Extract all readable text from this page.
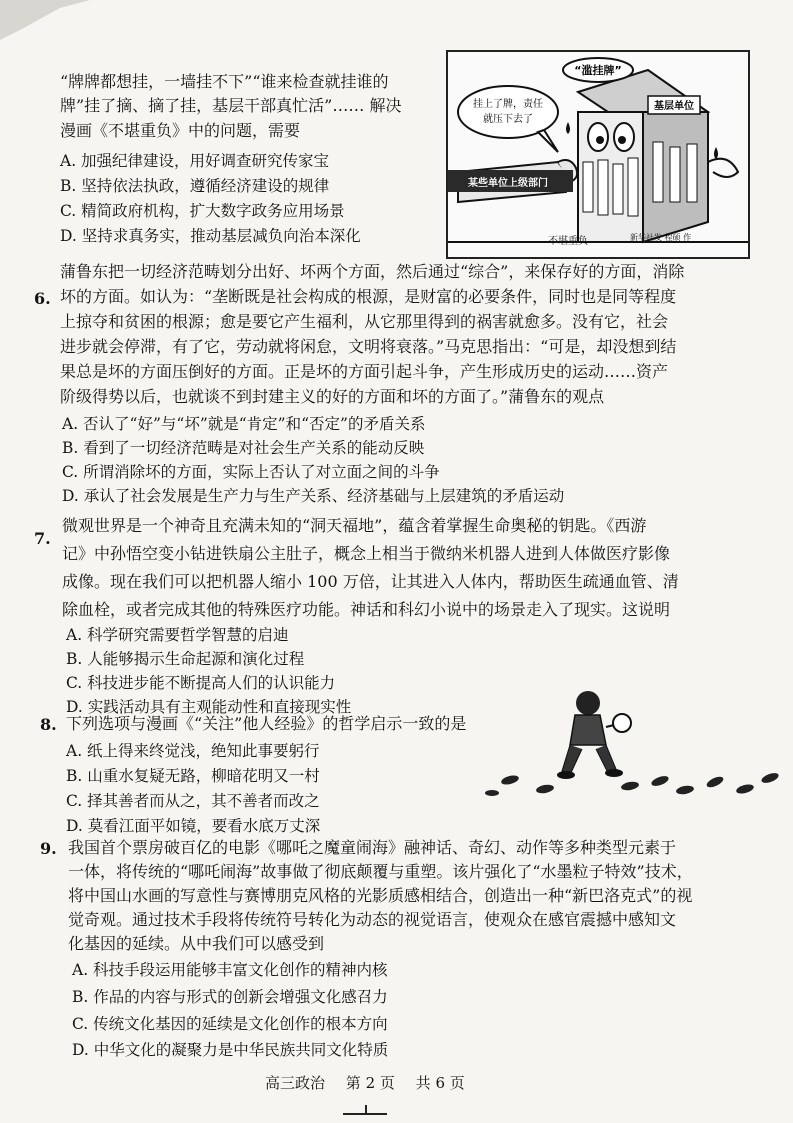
“牌牌都想挂，一墙挂不下”“谁来检查就挂谁的
牌”挂了摘、摘了挂，基层干部真忙活”…… 解决
漫画《不堪重负》中的问题，需要
A. 加强纪律建设，用好调查研究传家宝
B. 坚持依法执政，遵循经济建设的规律
C. 精简政府机构，扩大数字政务应用场景
D. 坚持求真务实，推动基层减负向治本深化
挂上了牌，责任
就压下去了
“滥挂牌”
基层单位
某些单位上级部门
不堪重负	新华社发 程硕 作
6.
蒲鲁东把一切经济范畴划分出好、坏两个方面，然后通过“综合”，来保存好的方面，消除
坏的方面。如认为：“垄断既是社会构成的根源，是财富的必要条件，同时也是同等程度
上掠夺和贫困的根源；愈是要它产生福利，从它那里得到的祸害就愈多。没有它，社会
进步就会停滞，有了它，劳动就将闲怠，文明将衰落。”马克思指出：“可是，却没想到结
果总是坏的方面压倒好的方面。正是坏的方面引起斗争，产生形成历史的运动……资产
阶级得势以后，也就谈不到封建主义的好的方面和坏的方面了。”蒲鲁东的观点
A. 否认了“好”与“坏”就是“肯定”和“否定”的矛盾关系
B. 看到了一切经济范畴是对社会生产关系的能动反映
C. 所谓消除坏的方面，实际上否认了对立面之间的斗争
D. 承认了社会发展是生产力与生产关系、经济基础与上层建筑的矛盾运动
7.
微观世界是一个神奇且充满未知的“洞天福地”，蕴含着掌握生命奥秘的钥匙。《西游
记》中孙悟空变小钻进铁扇公主肚子，概念上相当于微纳米机器人进到人体做医疗影像
成像。现在我们可以把机器人缩小 100 万倍，让其进入人体内，帮助医生疏通血管、清
除血栓，或者完成其他的特殊医疗功能。神话和科幻小说中的场景走入了现实。这说明
A. 科学研究需要哲学智慧的启迪
B. 人能够揭示生命起源和演化过程
C. 科技进步能不断提高人们的认识能力
D. 实践活动具有主观能动性和直接现实性
8. 下列选项与漫画《“关注”他人经验》的哲学启示一致的是
A. 纸上得来终觉浅，绝知此事要躬行
B. 山重水复疑无路，柳暗花明又一村
C. 择其善者而从之，其不善者而改之
D. 莫看江面平如镜，要看水底万丈深
9. 我国首个票房破百亿的电影《哪吒之魔童闹海》融神话、奇幻、动作等多种类型元素于
一体，将传统的“哪吒闹海”故事做了彻底颠覆与重塑。该片强化了“水墨粒子特效”技术，
将中国山水画的写意性与赛博朋克风格的光影质感相结合，创造出一种“新巴洛克式”的视
觉奇观。通过技术手段将传统符号转化为动态的视觉语言，使观众在感官震撼中感知文
化基因的延续。从中我们可以感受到
A. 科技手段运用能够丰富文化创作的精神内核
B. 作品的内容与形式的创新会增强文化感召力
C. 传统文化基因的延续是文化创作的根本方向
D. 中华文化的凝聚力是中华民族共同文化特质
高三政治 第 2 页 共 6 页
